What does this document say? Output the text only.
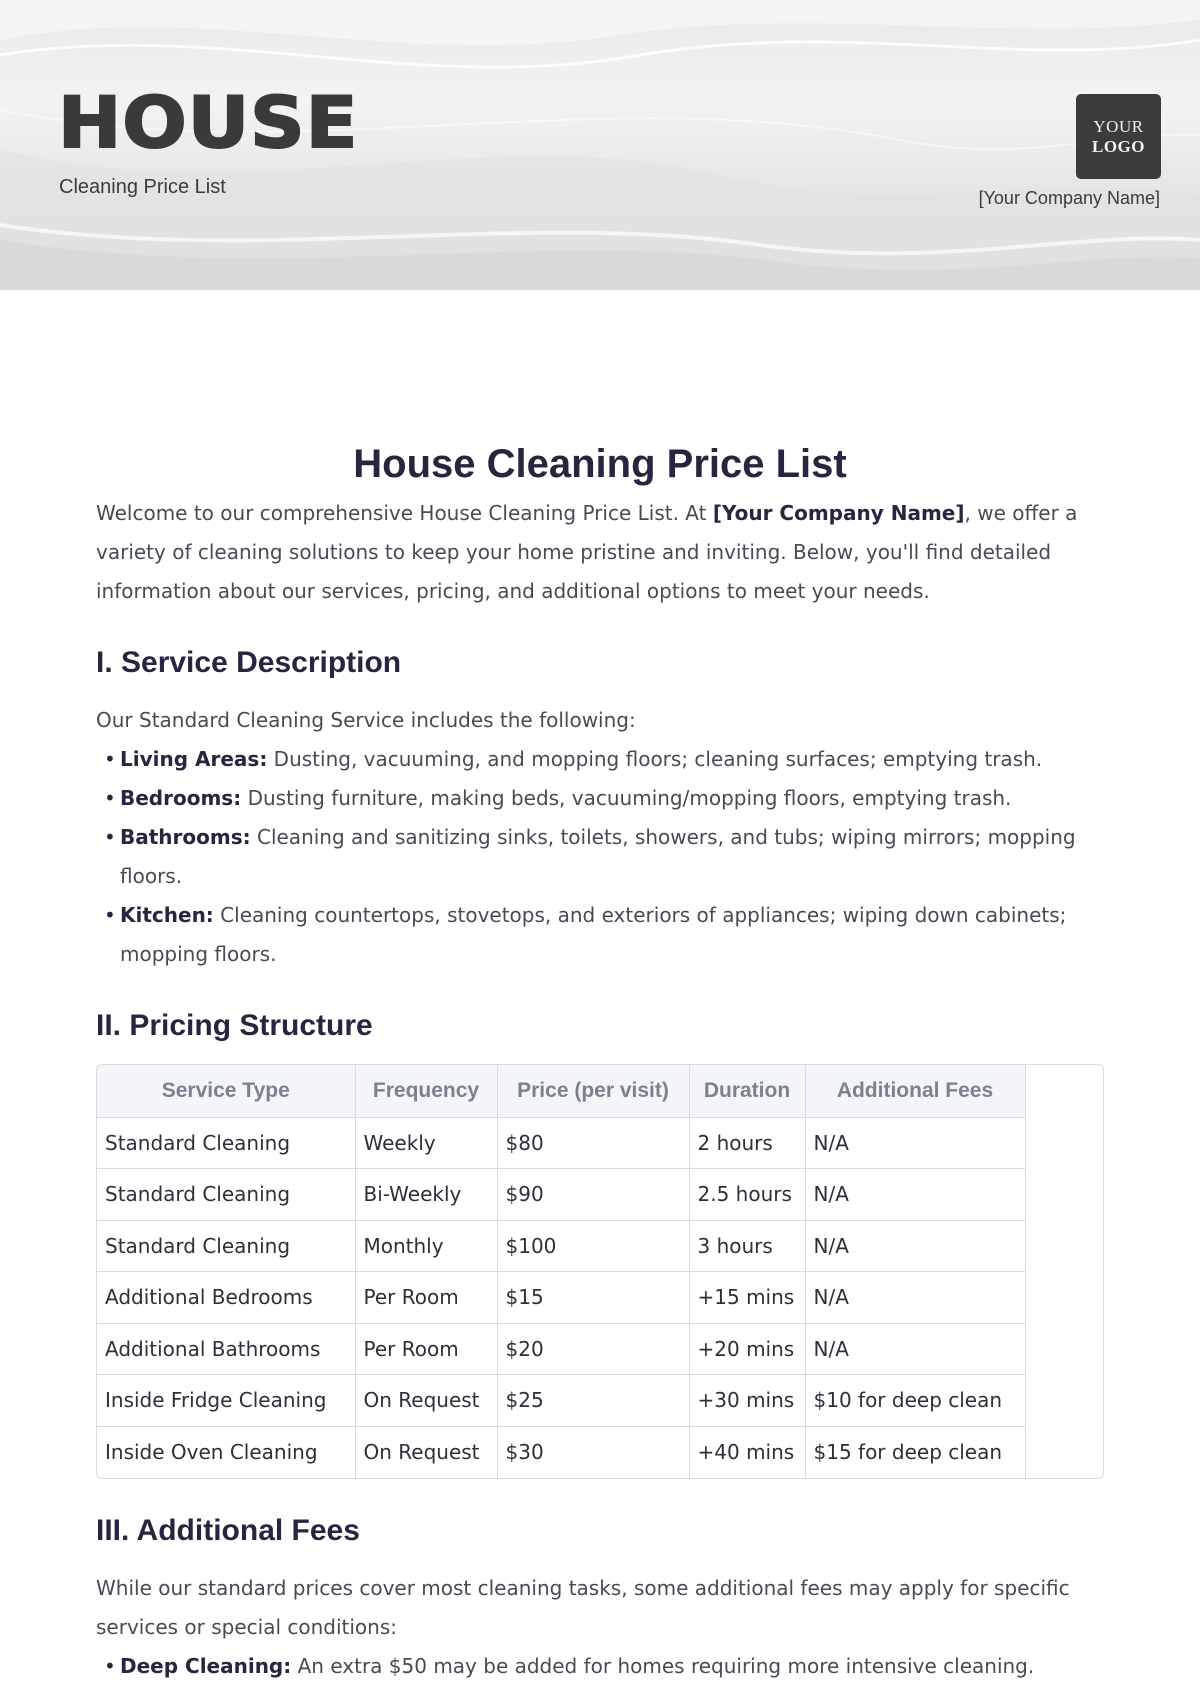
HOUSE
Cleaning Price List
YOUR
LOGO
[Your Company Name]
House Cleaning Price List

Welcome to our comprehensive House Cleaning Price List. At [Your Company Name], we offer a variety of cleaning solutions to keep your home pristine and inviting. Below, you'll find detailed information about our services, pricing, and additional options to meet your needs.

I. Service Description

Our Standard Cleaning Service includes the following:

• Living Areas: Dusting, vacuuming, and mopping floors; cleaning surfaces; emptying trash.
• Bedrooms: Dusting furniture, making beds, vacuuming/mopping floors, emptying trash.
• Bathrooms: Cleaning and sanitizing sinks, toilets, showers, and tubs; wiping mirrors; mopping floors.
• Kitchen: Cleaning countertops, stovetops, and exteriors of appliances; wiping down cabinets; mopping floors.
II. Pricing Structure
Service Type	Frequency	Price (per visit)	Duration	Additional Fees
Standard Cleaning	Weekly	$80	2 hours	N/A
Standard Cleaning	Bi-Weekly	$90	2.5 hours	N/A
Standard Cleaning	Monthly	$100	3 hours	N/A
Additional Bedrooms	Per Room	$15	+15 mins	N/A
Additional Bathrooms	Per Room	$20	+20 mins	N/A
Inside Fridge Cleaning	On Request	$25	+30 mins	$10 for deep clean
Inside Oven Cleaning	On Request	$30	+40 mins	$15 for deep clean
III. Additional Fees

While our standard prices cover most cleaning tasks, some additional fees may apply for specific services or special conditions:

• Deep Cleaning: An extra $50 may be added for homes requiring more intensive cleaning.
